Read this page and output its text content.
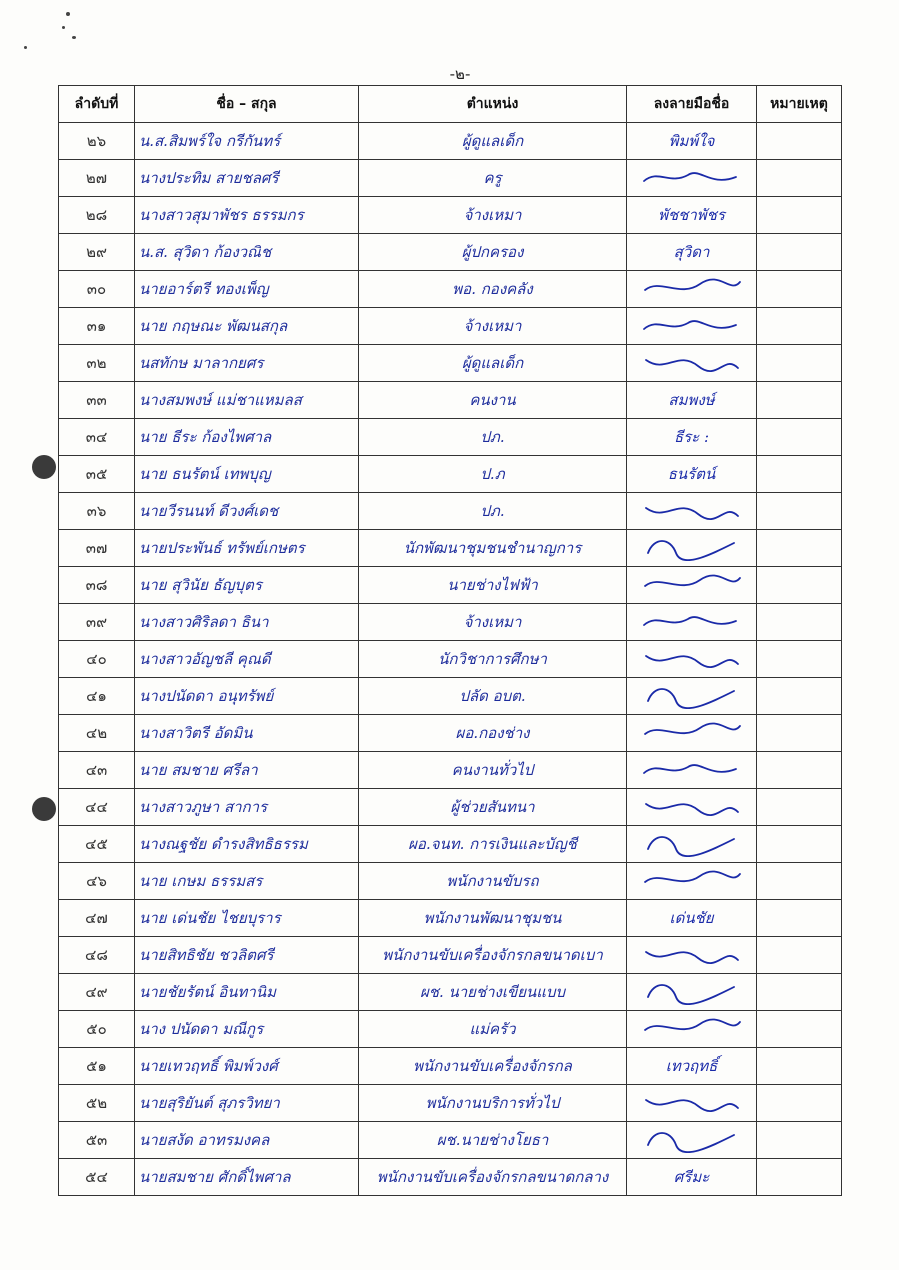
-๒-
ลำดับที่	ชื่อ – สกุล	ตำแหน่ง	ลงลายมือชื่อ	หมายเหตุ
๒๖	น.ส.สิมพร์ใจ กรีกันทร์	ผู้ดูแลเด็ก	พิมพ์ใจ	
๒๗	นางประทิม สายชลศรี	ครู		
๒๘	นางสาวสุมาพัชร ธรรมกร	จ้างเหมา	พัชชาพัชร	
๒๙	น.ส. สุวิดา ก้องวณิช	ผู้ปกครอง	สุวิดา	
๓๐	นายอาร์ตรี ทองเพ็ญ	พอ. กองคลัง		
๓๑	นาย กฤษณะ พัฒนสกุล	จ้างเหมา		
๓๒	นสทักษ มาลากยศร	ผู้ดูแลเด็ก		
๓๓	นางสมพงษ์ แม่ชาแหมลส	คนงาน	สมพงษ์	
๓๔	นาย ธีระ ก้องไพศาล	ปภ.	ธีระ :	
๓๕	นาย ธนรัตน์ เทพบุญ	ป.ภ	ธนรัตน์	
๓๖	นายวีรนนท์ ดีวงศ์เดช	ปภ.		
๓๗	นายประพันธ์ ทรัพย์เกษตร	นักพัฒนาชุมชนชำนาญการ		
๓๘	นาย สุวินัย ธัญบุตร	นายช่างไฟฟ้า		
๓๙	นางสาวศิริลดา ธินา	จ้างเหมา		
๔๐	นางสาวอัญชลี คุณดี	นักวิชาการศึกษา		
๔๑	นางปนัดดา อนุทรัพย์	ปลัด อบต.		
๔๒	นางสาวิตรี อัดมิน	ผอ.กองช่าง		
๔๓	นาย สมชาย ศรีลา	คนงานทั่วไป		
๔๔	นางสาวภูษา สาการ	ผู้ช่วยสันทนา		
๔๕	นางณฐชัย ดำรงสิทธิธรรม	ผอ.จนท. การเงินและบัญชี		
๔๖	นาย เกษม ธรรมสร	พนักงานขับรถ		
๔๗	นาย เด่นชัย ไชยบุราร	พนักงานพัฒนาชุมชน	เด่นชัย	
๔๘	นายสิทธิชัย ชวลิตศรี	พนักงานขับเครื่องจักรกลขนาดเบา		
๔๙	นายชัยรัตน์ อินทานิม	ผช. นายช่างเขียนแบบ		
๕๐	นาง ปนัดดา มณีกูร	แม่ครัว		
๕๑	นายเทวฤทธิ์ พิมพ์วงศ์	พนักงานขับเครื่องจักรกล	เทวฤทธิ์	
๕๒	นายสุริยันต์ สุภรวิทยา	พนักงานบริการทั่วไป		
๕๓	นายสงัด อาทรมงคล	ผช.นายช่างโยธา		
๕๔	นายสมชาย ศักดิ์ไพศาล	พนักงานขับเครื่องจักรกลขนาดกลาง	ศรีมะ	
